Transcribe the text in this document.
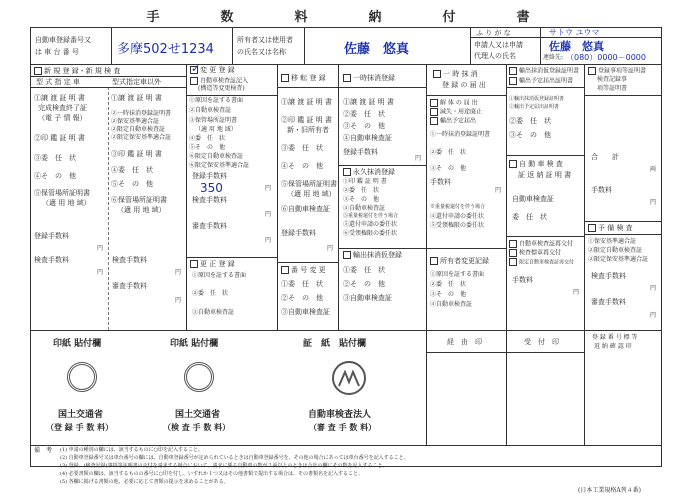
手　数　料　納　付　書
自動車登録番号又
は 車 台 番 号	多摩502せ1234
所有者又は使用者
の氏名又は名称	佐藤　悠真
ふ り が な	サトウ ユウマ
申請人又は申請
代理人の氏名
佐藤　悠真
連絡先: （080）0000－0000
新 規 登 録・新 規 検 査
型 式 指 定 車	型式指定車以外
①譲 渡 証 明 書
完成検査終了証
（電 子 情 報）
②印 鑑 証 明 書
③委　任　状
④そ　の　他
⑤保管場所証明書
（適 用 地 域）
①譲 渡 証 明 書
②一時抹消登録証明書
②保安基準適合証
②限定自動車検査証
②限定保安基準適合証
③印 鑑 証 明 書
④委　任　状
⑤そ　の　他
⑥保管場所証明書
（適 用 地 域）
登録手数料
円
検査手数料
円
検査手数料
円
審査手数料
円
変 更 登 録
✓
自動車検査証記入
(構造等変更検査)
①原因を証する書面
②自動車検査証
③保管場所証明書
（適 用 地 域）
④委　任　状
⑤そ　の　他
⑥限定自動車検査証
⑥限定保安基準適合証
登録手数料
350	円
検査手数料
円
審査手数料
円
更 正 登 録
①原因を証する書面
②委　任　状
③自動車検査証
移 転 登 録
①譲 渡 証 明 書
②印 鑑 証 明 書
新・旧所有者
③委　任　状
④そ　の　他
⑤保管場所証明書
（適 用 地 域）
⑥自動車検査証
登録手数料
円
番 号 変 更
①委　任　状
②そ　の　他
③自動車検査証
一時抹消登録
①譲 渡 証 明 書
②委　任　状
③そ　の　他
④自動車検査証
登録手数料
円
永久抹消登録
①印 鑑 証 明 書
②委　任　状
③そ　の　他
④自動車検査証
⑤重量税還付を伴う場合
⑤還付申請の委任状
⑥受領権限の委任状
輸出抹消仮登録
①委　任　状
②そ　の　他
③自動車検査証
一 時 抹 消
登 録 の 届 出
解 体 の 届 出
減失・用途廃止
輸出予定届出
①一時抹消登録証明書
②委　任　状
③そ　の　他
※重量税還付を伴う場合
④還付申請の委任状
⑤受領権限の委任状
手数料
円
所有者変更記録
①原因を証する書面
②委　任　状
③そ　の　他
④自動車検査証
輸出抹消仮登録証明書
輸出予定届出証明書
①輸出抹消仮登録証明書
②輸出予定届出証明書
②委　任　状
③そ　の　他
自 動 車 検 査
証 返 納 証 明 書
自動車検査証
委　任　状
自動車検査証再交付
検査標章再交付
限定自動車検査証再交付
手数料
円
登録事項等証明書
検査記録事
項等証明書
合　　計
両
手数料
円
予 備 検 査
①保安基準適合証
②限定自動車検査証
②限定保安基準適合証
検査手数料
円
審査手数料
円
印紙 貼付欄
国土交通省
（登 録 手 数 料）
印紙 貼付欄
国土交通省
（検 査 手 数 料）
証　紙　貼付欄
自動車検査法人
（審 査 手 数 料）
経　由　印	受　付　印
登 録 番 号 標 等
返 納 確 認 印
備　考 (1) 申請の種別の欄には、該当するものに○印を記入すること。
(2) 自動車登録番号又は車台番号の欄には、自動車登録番号が定められているときは自動車登録番号を、その他の場合にあっては車台番号を記入すること。
(3) 登録、(検査記録)事項等証明書の交付を請求する場合において、請求に係る自動車の数が２両以上のときは合計の欄にその数を記入すること。
(4) 必要書類の欄は、該当するものの番号に○印を付し、いずれか１つ又はその他書類で提出する場合は、その書類名を記入すること。
(5) 各欄に掲げる書類の他、必要に応じて書類の提示を求めることがある。
(日本工業規格A列４番)
